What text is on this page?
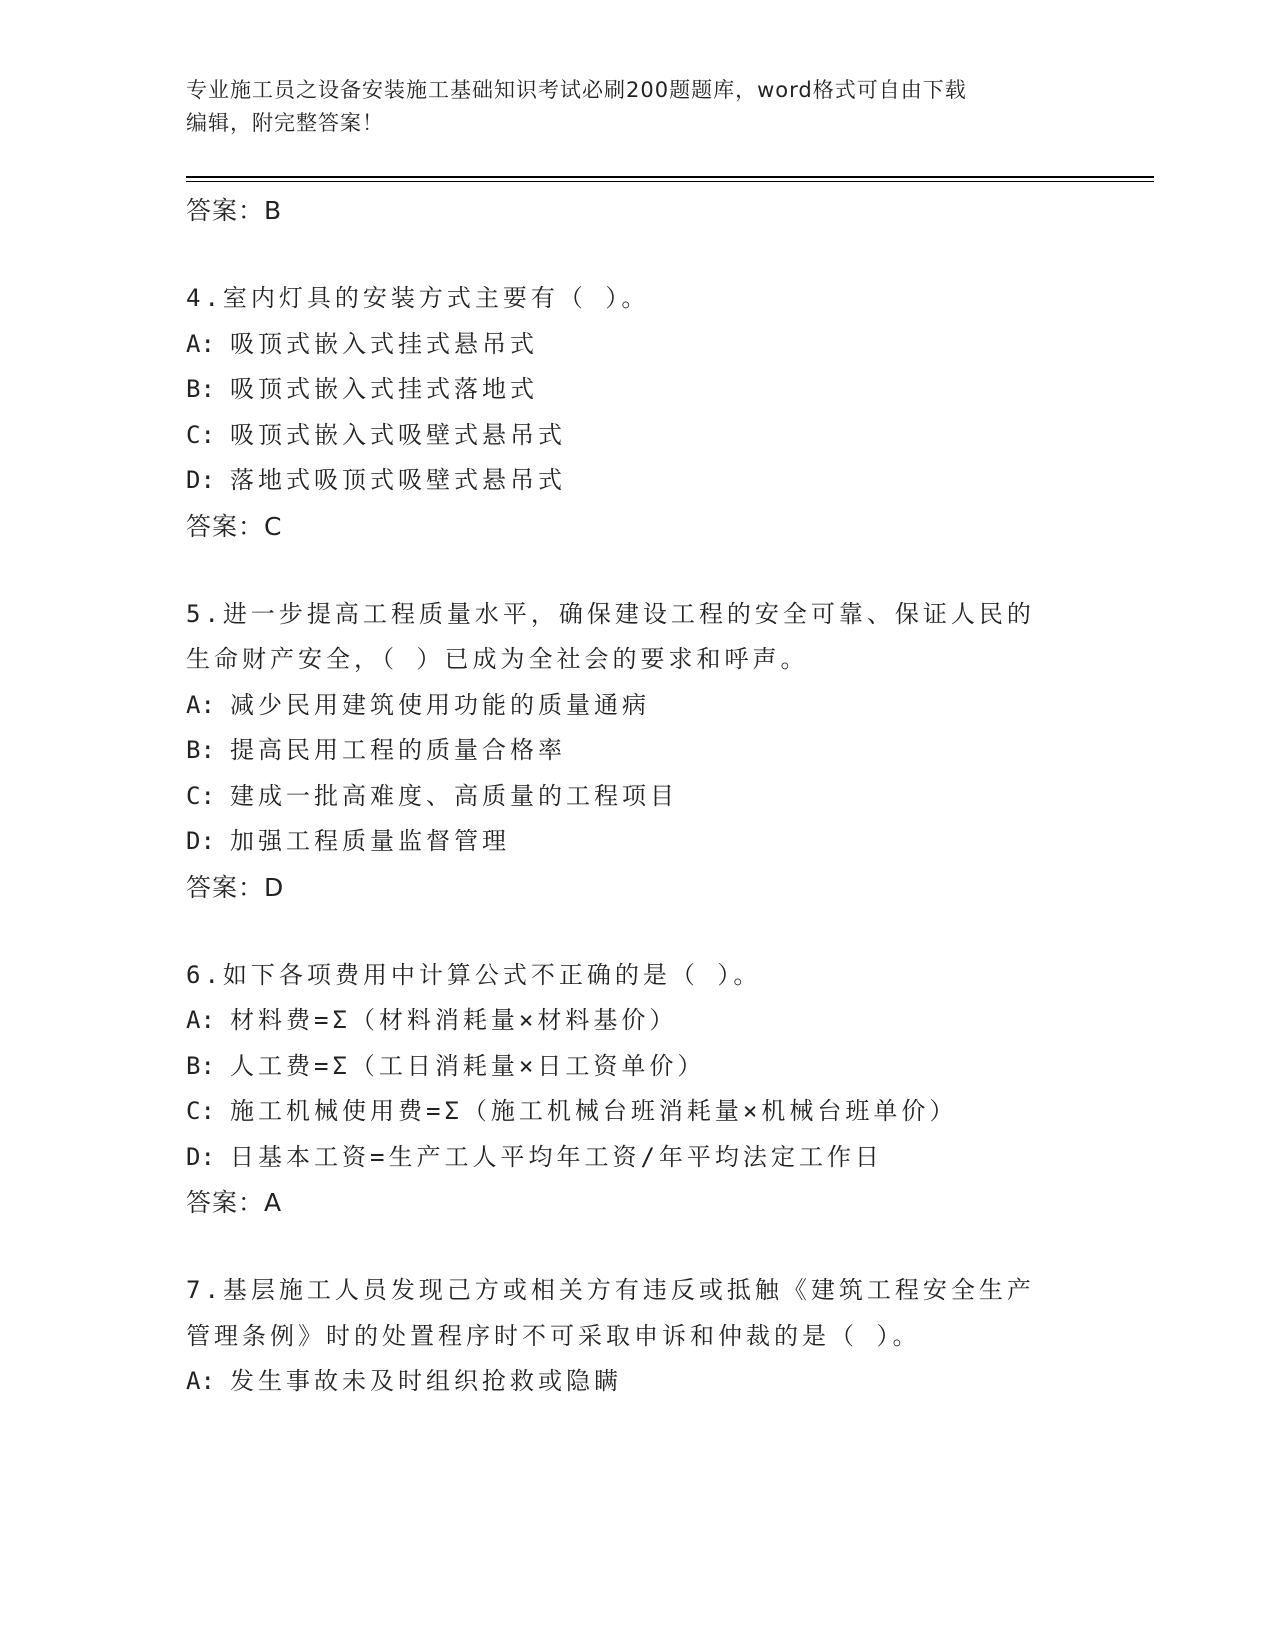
专业施工员之设备安装施工基础知识考试必刷200题题库，word格式可自由下载
编辑，附完整答案！
答案：B
4.室内灯具的安装方式主要有（ ）。
A: 吸顶式嵌入式挂式悬吊式
B: 吸顶式嵌入式挂式落地式
C: 吸顶式嵌入式吸壁式悬吊式
D: 落地式吸顶式吸壁式悬吊式
答案：C
5.进一步提高工程质量水平，确保建设工程的安全可靠、保证人民的
生命财产安全，（ ）已成为全社会的要求和呼声。
A: 减少民用建筑使用功能的质量通病
B: 提高民用工程的质量合格率
C: 建成一批高难度、高质量的工程项目
D: 加强工程质量监督管理
答案：D
6.如下各项费用中计算公式不正确的是（ ）。
A: 材料费=Σ（材料消耗量×材料基价）
B: 人工费=Σ（工日消耗量×日工资单价）
C: 施工机械使用费=Σ（施工机械台班消耗量×机械台班单价）
D: 日基本工资=生产工人平均年工资/年平均法定工作日
答案：A
7.基层施工人员发现己方或相关方有违反或抵触《建筑工程安全生产
管理条例》时的处置程序时不可采取申诉和仲裁的是（ ）。
A: 发生事故未及时组织抢救或隐瞒
